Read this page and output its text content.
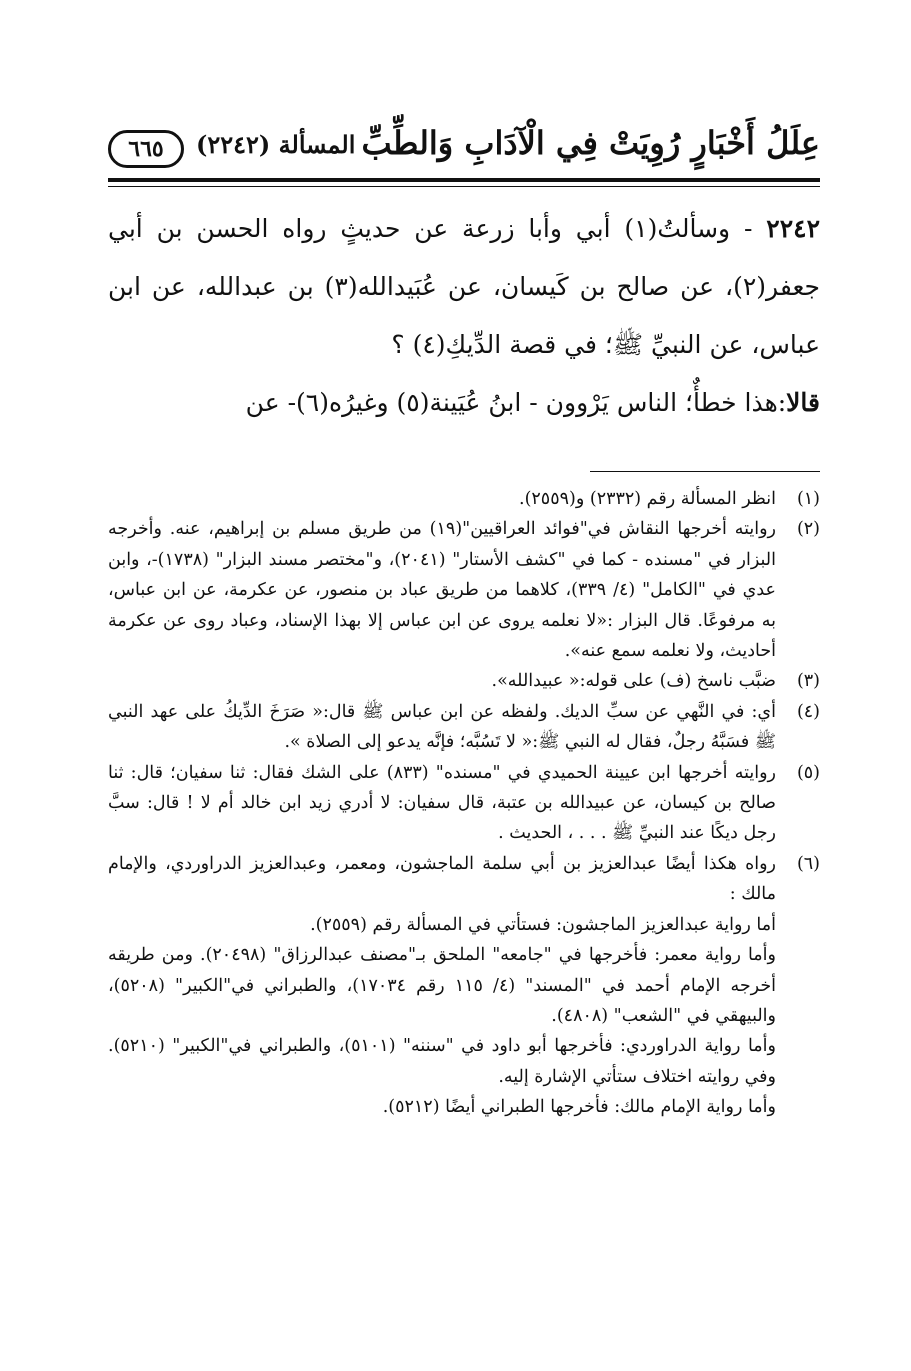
عِلَلُ أَخْبَارٍ رُوِيَتْ فِي الْآدَابِ وَالطِّبِّ
المسألة (٢٢٤٢)
٦٦٥

٢٢٤٢ - وسألتُ(١) أبي وأبا زرعة عن حديثٍ رواه الحسن بن أبي جعفر(٢)، عن صالح بن كَيسان، عن عُبَيدالله(٣) بن عبدالله، عن ابن عباس، عن النبيِّ ﷺ؛ في قصة الدِّيكِ(٤) ؟

قالا:هذا خطأٌ؛ الناس يَرْوون - ابنُ عُيَينة(٥) وغيرُه(٦)- عن

(١)
انظر المسألة رقم (٢٣٣٢) و(٢٥٥٩).
(٢)
روايته أخرجها النقاش في"فوائد العراقيين"(١٩) من طريق مسلم بن إبراهيم، عنه. وأخرجه البزار في "مسنده - كما في "كشف الأستار" (٢٠٤١)، و"مختصر مسند البزار" (١٧٣٨)-، وابن عدي في "الكامل" (٤/ ٣٣٩)، كلاهما من طريق عباد بن منصور، عن عكرمة، عن ابن عباس، به مرفوعًا. قال البزار :«لا نعلمه يروى عن ابن عباس إلا بهذا الإسناد، وعباد روى عن عكرمة أحاديث، ولا نعلمه سمع عنه».
(٣)
ضبَّب ناسخ (ف) على قوله:« عبيدالله».
(٤)
أي: في النَّهي عن سبِّ الديك. ولفظه عن ابن عباس ﷺ قال:« صَرَخَ الدِّيكُ على عهد النبي ﷺ فسَبَّهُ رجلٌ، فقال له النبي ﷺ:« لا تَسُبَّه؛ فإنَّه يدعو إلى الصلاة ».
(٥)
روايته أخرجها ابن عيينة الحميدي في "مسنده" (٨٣٣) على الشك فقال: ثنا سفيان؛ قال: ثنا صالح بن كيسان، عن عبيدالله بن عتبة، قال سفيان: لا أدري زيد ابن خالد أم لا ! قال: سبَّ رجل ديكًا عند النبيِّ ﷺ . . . ، الحديث .
(٦)
رواه هكذا أيضًا عبدالعزيز بن أبي سلمة الماجشون، ومعمر، وعبدالعزيز الدراوردي، والإمام مالك :
أما رواية عبدالعزيز الماجشون: فستأتي في المسألة رقم (٢٥٥٩).
وأما رواية معمر: فأخرجها في "جامعه" الملحق بـ"مصنف عبدالرزاق" (٢٠٤٩٨). ومن طريقه أخرجه الإمام أحمد في "المسند" (٤/ ١١٥ رقم ١٧٠٣٤)، والطبراني في"الكبير" (٥٢٠٨)، والبيهقي في "الشعب" (٤٨٠٨).
وأما رواية الدراوردي: فأخرجها أبو داود في "سننه" (٥١٠١)، والطبراني في"الكبير" (٥٢١٠). وفي روايته اختلاف ستأتي الإشارة إليه.
وأما رواية الإمام مالك: فأخرجها الطبراني أيضًا (٥٢١٢).
